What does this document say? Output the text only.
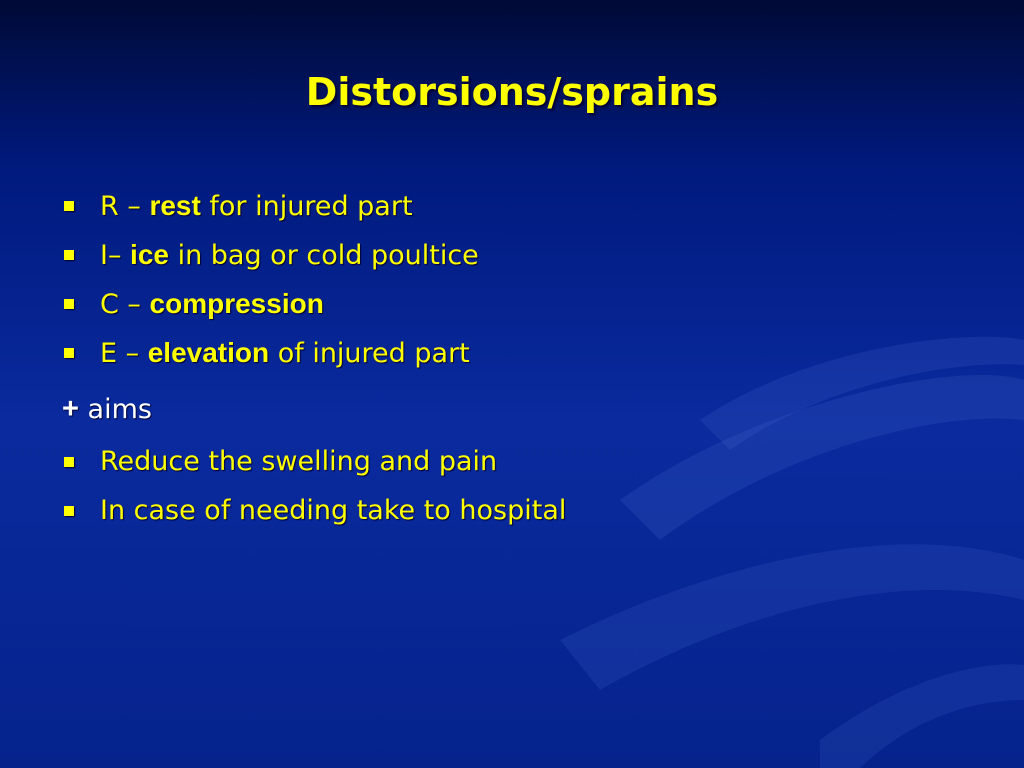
Distorsions/sprains
R – rest for injured part
I– ice in bag or cold poultice
C – compression
E – elevation of injured part
+ aims
Reduce the swelling and pain
In case of needing take to hospital
